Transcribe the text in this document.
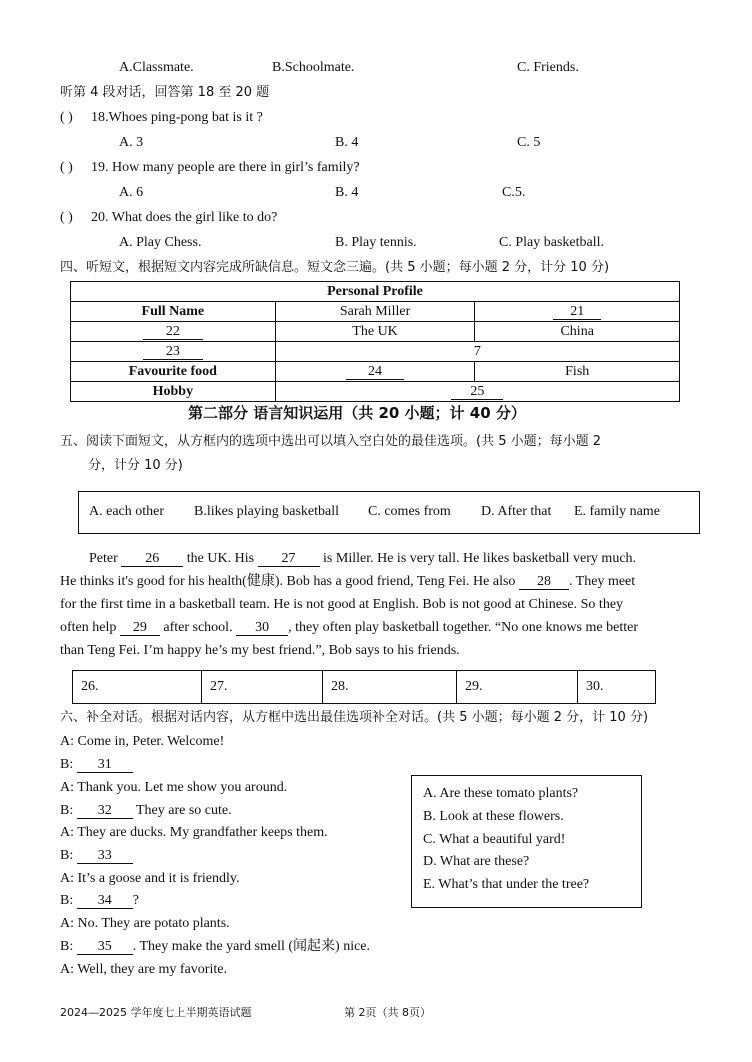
A.Classmate.	B.Schoolmate.	C. Friends.
听第 4 段对话，回答第 18 至 20 题
( ) 18.Whoes ping-pong bat is it ?
A. 3	B. 4	C. 5
( ) 19. How many people are there in girl’s family?
A. 6	B. 4	C.5.
( ) 20. What does the girl like to do?
A. Play Chess.	B. Play tennis.	C. Play basketball.
四、听短文，根据短文内容完成所缺信息。短文念三遍。(共 5 小题；每小题 2 分，计分 10 分)
Personal Profile		
Full Name	Sarah Miller	21
22	The UK	China
23	7	
Favourite food	24	Fish
Hobby	25	
第二部分 语言知识运用（共 20 小题；计 40 分）
五、阅读下面短文，从方框内的选项中选出可以填入空白处的最佳选项。(共 5 小题；每小题 2
分，计分 10 分)
A. each other B.likes playing basketball C. comes from D. After that E. family name
Peter 26 the UK. His 27 is Miller. He is very tall. He likes basketball very much.
He thinks it's good for his health(健康). Bob has a good friend, Teng Fei. He also 28 . They meet
for the first time in a basketball team. He is not good at English. Bob is not good at Chinese. So they
often help 29 after school. 30 , they often play basketball together. “No one knows me better
than Teng Fei. I’m happy he’s my best friend.”, Bob says to his friends.
26.	27.	28.	29.	30.
六、补全对话。根据对话内容，从方框中选出最佳选项补全对话。(共 5 小题；每小题 2 分，计 10 分)
A: Come in, Peter. Welcome!
B: 31
A: Thank you. Let me show you around.
B: 32 They are so cute.
A: They are ducks. My grandfather keeps them.
B: 33
A: It’s a goose and it is friendly.
B: 34 ?
A: No. They are potato plants.
B: 35 . They make the yard smell (闻起来) nice.
A: Well, they are my favorite.
A. Are these tomato plants?
B. Look at these flowers.
C. What a beautiful yard!
D. What are these?
E. What’s that under the tree?
2024—2025 学年度七上半期英语试题	第 2页（共 8页）
